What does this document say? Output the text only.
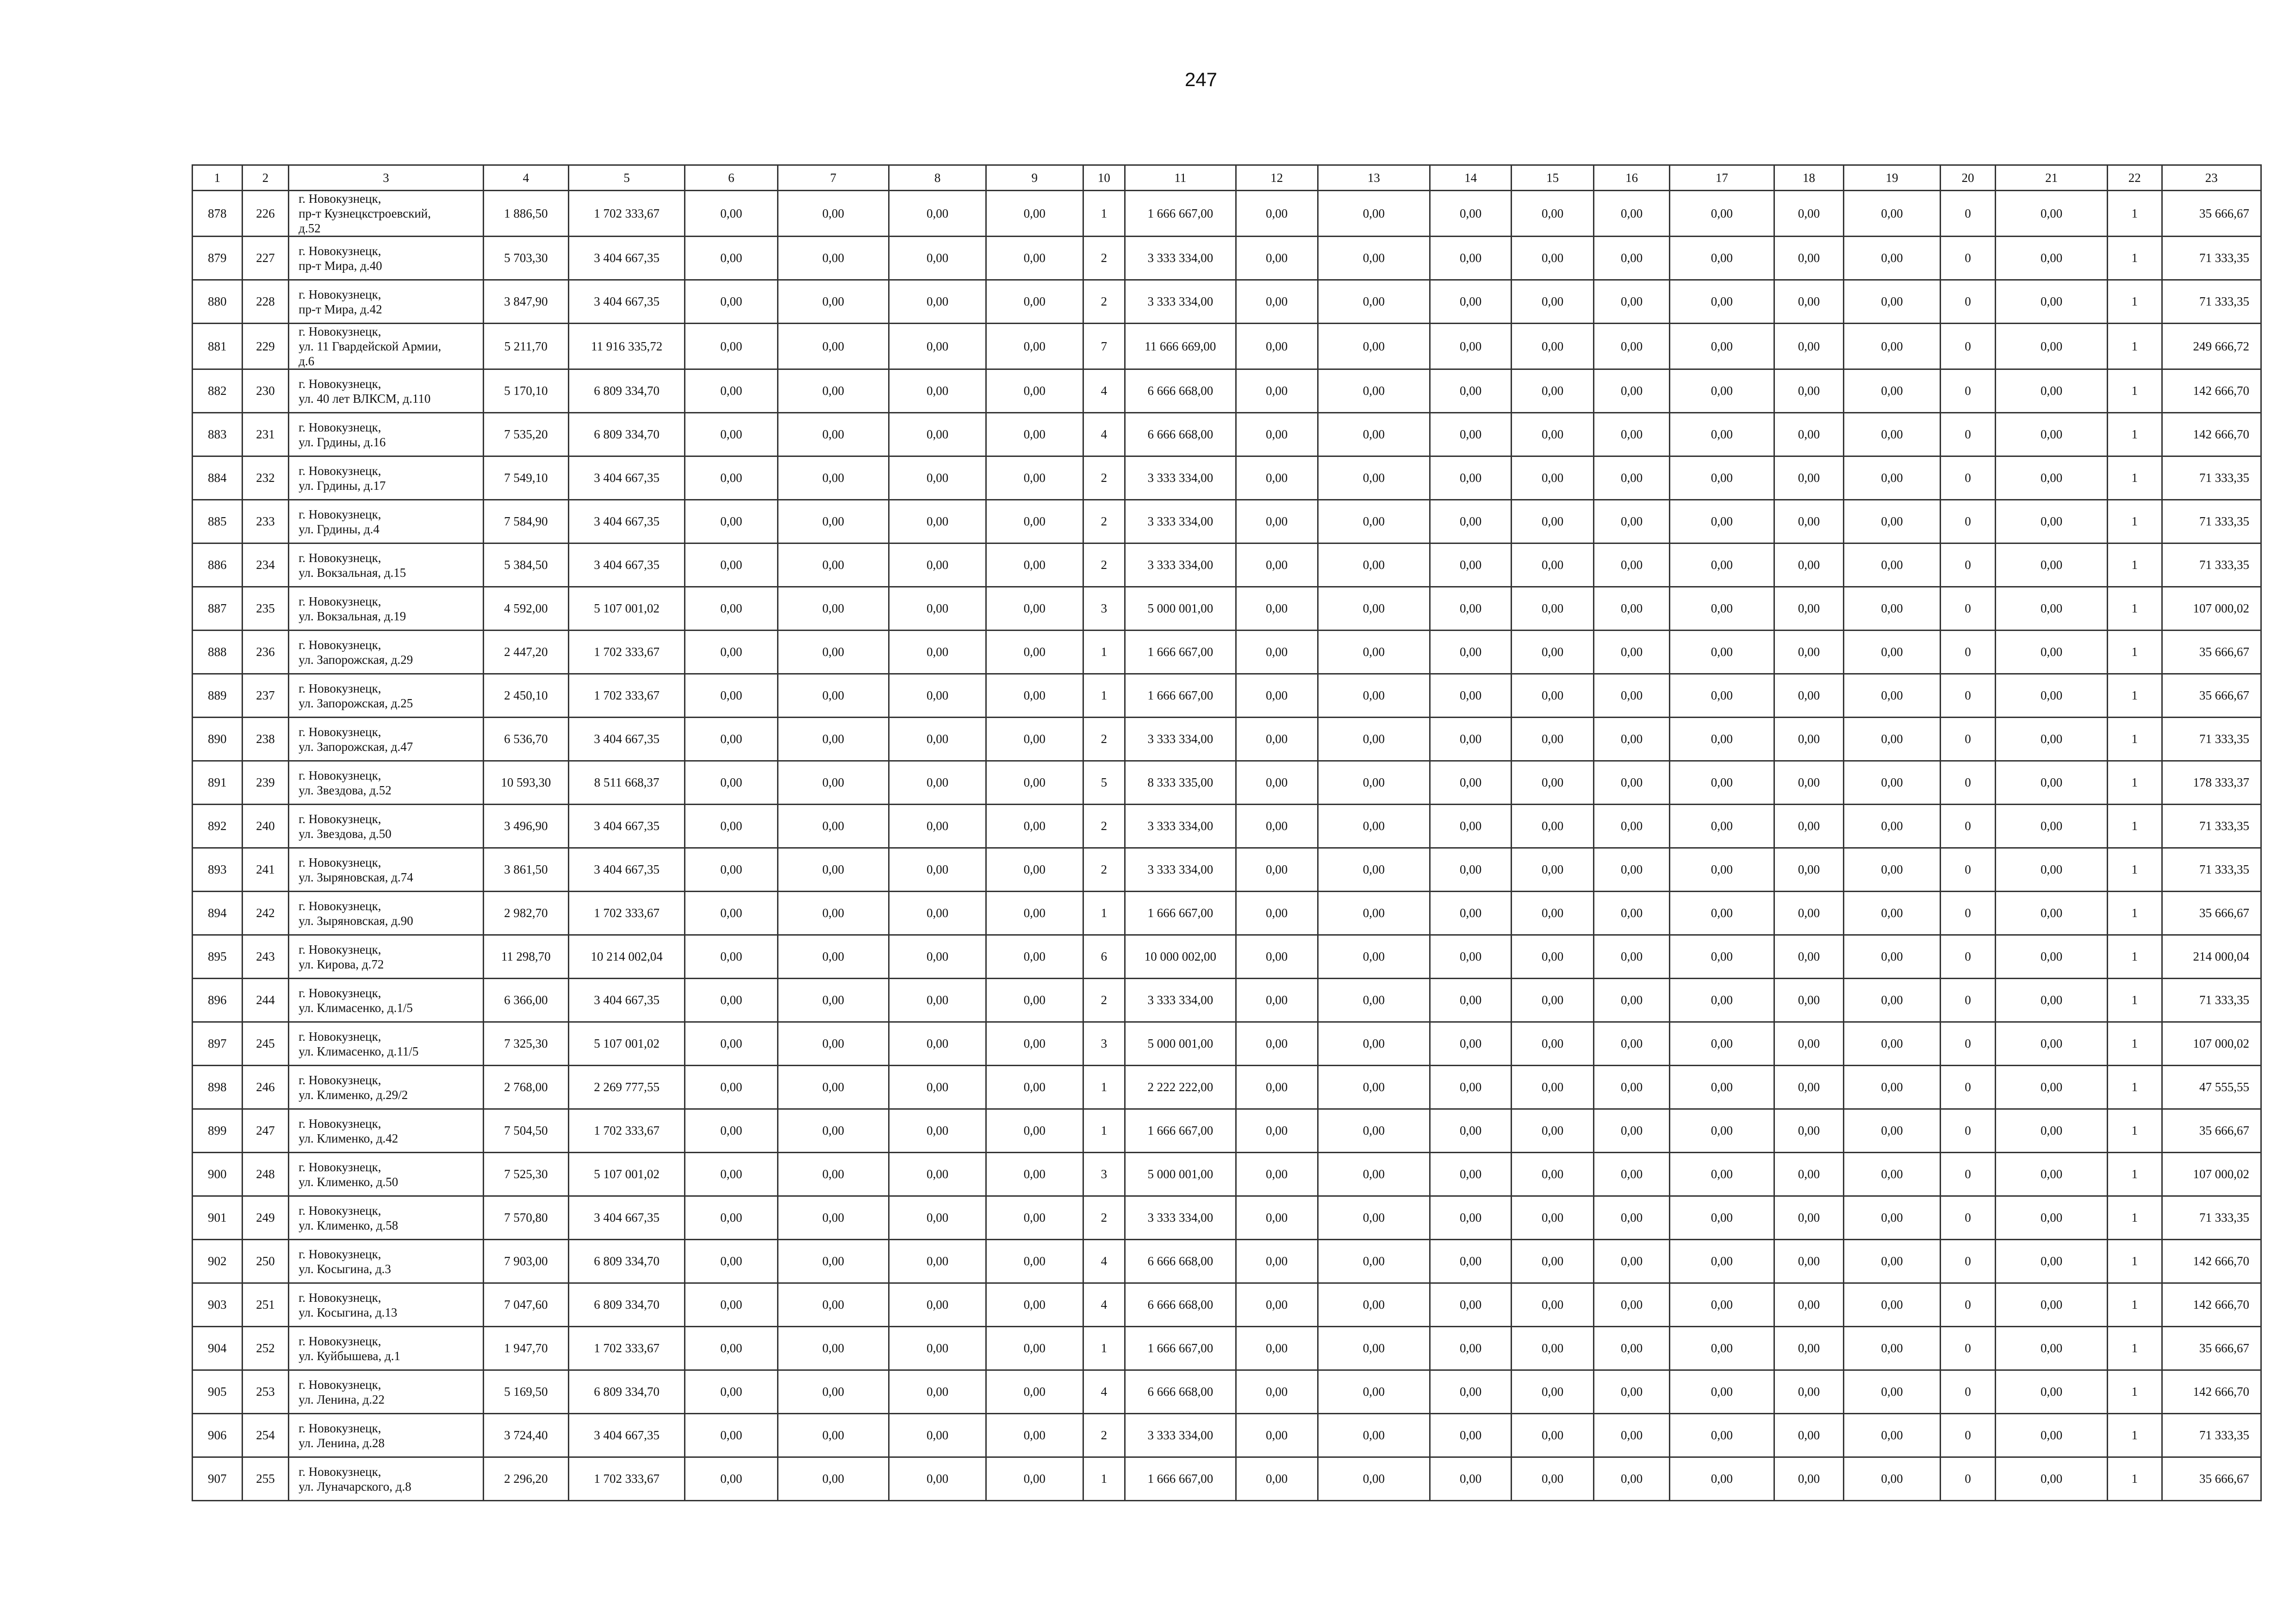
247
1	2	3	4	5	6	7	8	9	10	11	12	13	14	15	16	17	18	19	20	21	22	23
878	226	г. Новокузнецк,
пр-т Кузнецкстроевский,
д.52	1 886,50	1 702 333,67	0,00	0,00	0,00	0,00	1	1 666 667,00	0,00	0,00	0,00	0,00	0,00	0,00	0,00	0,00	0	0,00	1	35 666,67
879	227	г. Новокузнецк,
пр-т Мира, д.40	5 703,30	3 404 667,35	0,00	0,00	0,00	0,00	2	3 333 334,00	0,00	0,00	0,00	0,00	0,00	0,00	0,00	0,00	0	0,00	1	71 333,35
880	228	г. Новокузнецк,
пр-т Мира, д.42	3 847,90	3 404 667,35	0,00	0,00	0,00	0,00	2	3 333 334,00	0,00	0,00	0,00	0,00	0,00	0,00	0,00	0,00	0	0,00	1	71 333,35
881	229	г. Новокузнецк,
ул. 11 Гвардейской Армии,
д.6	5 211,70	11 916 335,72	0,00	0,00	0,00	0,00	7	11 666 669,00	0,00	0,00	0,00	0,00	0,00	0,00	0,00	0,00	0	0,00	1	249 666,72
882	230	г. Новокузнецк,
ул. 40 лет ВЛКСМ, д.110	5 170,10	6 809 334,70	0,00	0,00	0,00	0,00	4	6 666 668,00	0,00	0,00	0,00	0,00	0,00	0,00	0,00	0,00	0	0,00	1	142 666,70
883	231	г. Новокузнецк,
ул. Грдины, д.16	7 535,20	6 809 334,70	0,00	0,00	0,00	0,00	4	6 666 668,00	0,00	0,00	0,00	0,00	0,00	0,00	0,00	0,00	0	0,00	1	142 666,70
884	232	г. Новокузнецк,
ул. Грдины, д.17	7 549,10	3 404 667,35	0,00	0,00	0,00	0,00	2	3 333 334,00	0,00	0,00	0,00	0,00	0,00	0,00	0,00	0,00	0	0,00	1	71 333,35
885	233	г. Новокузнецк,
ул. Грдины, д.4	7 584,90	3 404 667,35	0,00	0,00	0,00	0,00	2	3 333 334,00	0,00	0,00	0,00	0,00	0,00	0,00	0,00	0,00	0	0,00	1	71 333,35
886	234	г. Новокузнецк,
ул. Вокзальная, д.15	5 384,50	3 404 667,35	0,00	0,00	0,00	0,00	2	3 333 334,00	0,00	0,00	0,00	0,00	0,00	0,00	0,00	0,00	0	0,00	1	71 333,35
887	235	г. Новокузнецк,
ул. Вокзальная, д.19	4 592,00	5 107 001,02	0,00	0,00	0,00	0,00	3	5 000 001,00	0,00	0,00	0,00	0,00	0,00	0,00	0,00	0,00	0	0,00	1	107 000,02
888	236	г. Новокузнецк,
ул. Запорожская, д.29	2 447,20	1 702 333,67	0,00	0,00	0,00	0,00	1	1 666 667,00	0,00	0,00	0,00	0,00	0,00	0,00	0,00	0,00	0	0,00	1	35 666,67
889	237	г. Новокузнецк,
ул. Запорожская, д.25	2 450,10	1 702 333,67	0,00	0,00	0,00	0,00	1	1 666 667,00	0,00	0,00	0,00	0,00	0,00	0,00	0,00	0,00	0	0,00	1	35 666,67
890	238	г. Новокузнецк,
ул. Запорожская, д.47	6 536,70	3 404 667,35	0,00	0,00	0,00	0,00	2	3 333 334,00	0,00	0,00	0,00	0,00	0,00	0,00	0,00	0,00	0	0,00	1	71 333,35
891	239	г. Новокузнецк,
ул. Звездова, д.52	10 593,30	8 511 668,37	0,00	0,00	0,00	0,00	5	8 333 335,00	0,00	0,00	0,00	0,00	0,00	0,00	0,00	0,00	0	0,00	1	178 333,37
892	240	г. Новокузнецк,
ул. Звездова, д.50	3 496,90	3 404 667,35	0,00	0,00	0,00	0,00	2	3 333 334,00	0,00	0,00	0,00	0,00	0,00	0,00	0,00	0,00	0	0,00	1	71 333,35
893	241	г. Новокузнецк,
ул. Зыряновская, д.74	3 861,50	3 404 667,35	0,00	0,00	0,00	0,00	2	3 333 334,00	0,00	0,00	0,00	0,00	0,00	0,00	0,00	0,00	0	0,00	1	71 333,35
894	242	г. Новокузнецк,
ул. Зыряновская, д.90	2 982,70	1 702 333,67	0,00	0,00	0,00	0,00	1	1 666 667,00	0,00	0,00	0,00	0,00	0,00	0,00	0,00	0,00	0	0,00	1	35 666,67
895	243	г. Новокузнецк,
ул. Кирова, д.72	11 298,70	10 214 002,04	0,00	0,00	0,00	0,00	6	10 000 002,00	0,00	0,00	0,00	0,00	0,00	0,00	0,00	0,00	0	0,00	1	214 000,04
896	244	г. Новокузнецк,
ул. Климасенко, д.1/5	6 366,00	3 404 667,35	0,00	0,00	0,00	0,00	2	3 333 334,00	0,00	0,00	0,00	0,00	0,00	0,00	0,00	0,00	0	0,00	1	71 333,35
897	245	г. Новокузнецк,
ул. Климасенко, д.11/5	7 325,30	5 107 001,02	0,00	0,00	0,00	0,00	3	5 000 001,00	0,00	0,00	0,00	0,00	0,00	0,00	0,00	0,00	0	0,00	1	107 000,02
898	246	г. Новокузнецк,
ул. Клименко, д.29/2	2 768,00	2 269 777,55	0,00	0,00	0,00	0,00	1	2 222 222,00	0,00	0,00	0,00	0,00	0,00	0,00	0,00	0,00	0	0,00	1	47 555,55
899	247	г. Новокузнецк,
ул. Клименко, д.42	7 504,50	1 702 333,67	0,00	0,00	0,00	0,00	1	1 666 667,00	0,00	0,00	0,00	0,00	0,00	0,00	0,00	0,00	0	0,00	1	35 666,67
900	248	г. Новокузнецк,
ул. Клименко, д.50	7 525,30	5 107 001,02	0,00	0,00	0,00	0,00	3	5 000 001,00	0,00	0,00	0,00	0,00	0,00	0,00	0,00	0,00	0	0,00	1	107 000,02
901	249	г. Новокузнецк,
ул. Клименко, д.58	7 570,80	3 404 667,35	0,00	0,00	0,00	0,00	2	3 333 334,00	0,00	0,00	0,00	0,00	0,00	0,00	0,00	0,00	0	0,00	1	71 333,35
902	250	г. Новокузнецк,
ул. Косыгина, д.3	7 903,00	6 809 334,70	0,00	0,00	0,00	0,00	4	6 666 668,00	0,00	0,00	0,00	0,00	0,00	0,00	0,00	0,00	0	0,00	1	142 666,70
903	251	г. Новокузнецк,
ул. Косыгина, д.13	7 047,60	6 809 334,70	0,00	0,00	0,00	0,00	4	6 666 668,00	0,00	0,00	0,00	0,00	0,00	0,00	0,00	0,00	0	0,00	1	142 666,70
904	252	г. Новокузнецк,
ул. Куйбышева, д.1	1 947,70	1 702 333,67	0,00	0,00	0,00	0,00	1	1 666 667,00	0,00	0,00	0,00	0,00	0,00	0,00	0,00	0,00	0	0,00	1	35 666,67
905	253	г. Новокузнецк,
ул. Ленина, д.22	5 169,50	6 809 334,70	0,00	0,00	0,00	0,00	4	6 666 668,00	0,00	0,00	0,00	0,00	0,00	0,00	0,00	0,00	0	0,00	1	142 666,70
906	254	г. Новокузнецк,
ул. Ленина, д.28	3 724,40	3 404 667,35	0,00	0,00	0,00	0,00	2	3 333 334,00	0,00	0,00	0,00	0,00	0,00	0,00	0,00	0,00	0	0,00	1	71 333,35
907	255	г. Новокузнецк,
ул. Луначарского, д.8	2 296,20	1 702 333,67	0,00	0,00	0,00	0,00	1	1 666 667,00	0,00	0,00	0,00	0,00	0,00	0,00	0,00	0,00	0	0,00	1	35 666,67
